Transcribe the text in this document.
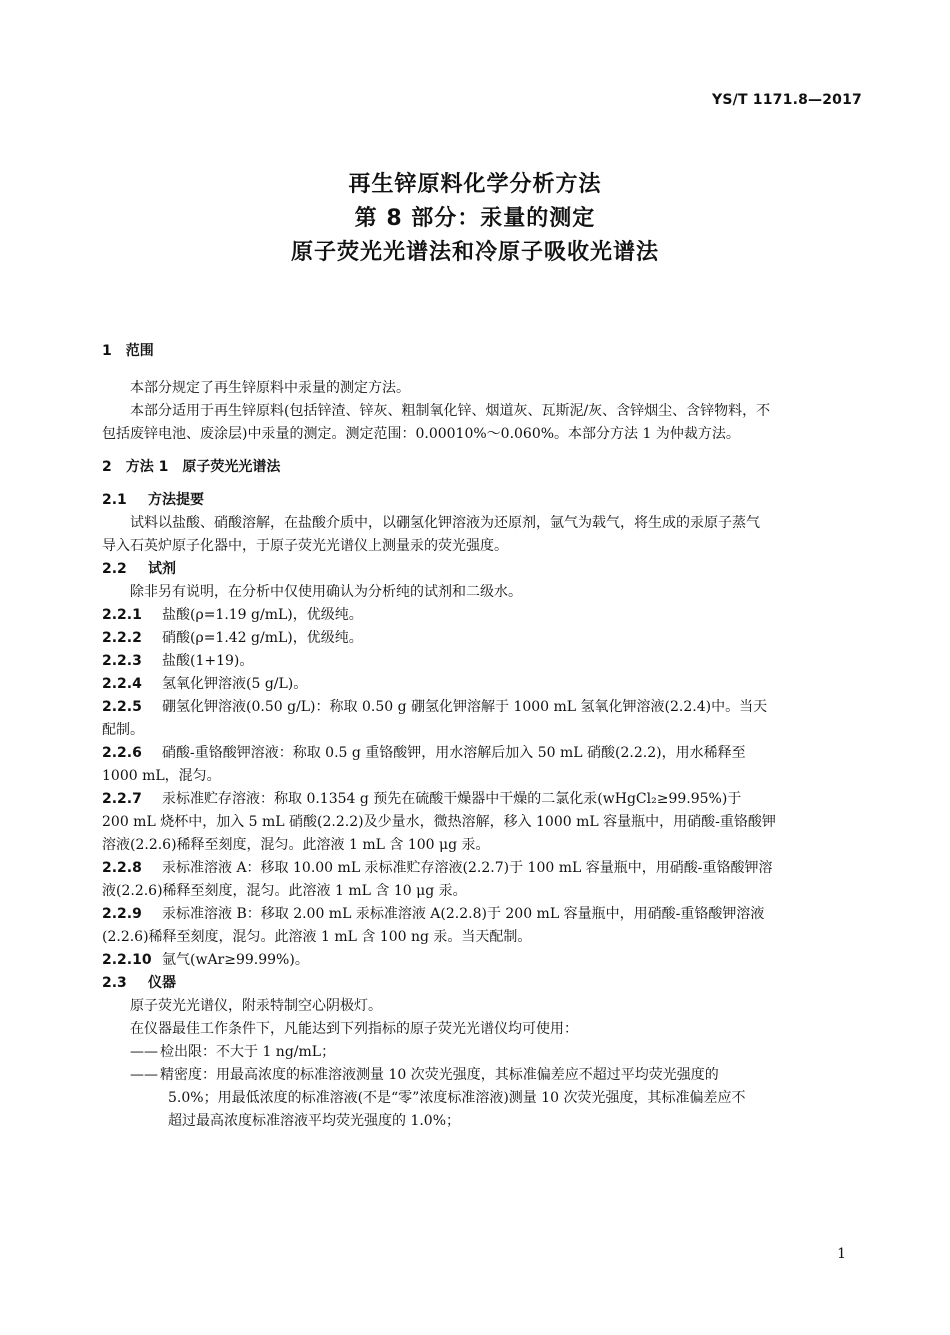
YS/T 1171.8—2017
再生锌原料化学分析方法
第 8 部分：汞量的测定
原子荧光光谱法和冷原子吸收光谱法

1　范围

本部分规定了再生锌原料中汞量的测定方法。

本部分适用于再生锌原料(包括锌渣、锌灰、粗制氧化锌、烟道灰、瓦斯泥/灰、含锌烟尘、含锌物料，不

包括废锌电池、废涂层)中汞量的测定。测定范围：0.00010%～0.060%。本部分方法 1 为仲裁方法。

2　方法 1　原子荧光光谱法

2.1 方法提要

试料以盐酸、硝酸溶解，在盐酸介质中，以硼氢化钾溶液为还原剂，氩气为载气，将生成的汞原子蒸气

导入石英炉原子化器中，于原子荧光光谱仪上测量汞的荧光强度。

2.2 试剂

除非另有说明，在分析中仅使用确认为分析纯的试剂和二级水。

2.2.1 盐酸(ρ=1.19 g/mL)，优级纯。

2.2.2 硝酸(ρ=1.42 g/mL)，优级纯。

2.2.3 盐酸(1+19)。

2.2.4 氢氧化钾溶液(5 g/L)。

2.2.5 硼氢化钾溶液(0.50 g/L)：称取 0.50 g 硼氢化钾溶解于 1000 mL 氢氧化钾溶液(2.2.4)中。当天

配制。

2.2.6 硝酸-重铬酸钾溶液：称取 0.5 g 重铬酸钾，用水溶解后加入 50 mL 硝酸(2.2.2)，用水稀释至

1000 mL，混匀。

2.2.7 汞标准贮存溶液：称取 0.1354 g 预先在硫酸干燥器中干燥的二氯化汞(wHgCl₂≥99.95%)于

200 mL 烧杯中，加入 5 mL 硝酸(2.2.2)及少量水，微热溶解，移入 1000 mL 容量瓶中，用硝酸-重铬酸钾

溶液(2.2.6)稀释至刻度，混匀。此溶液 1 mL 含 100 μg 汞。

2.2.8 汞标准溶液 A：移取 10.00 mL 汞标准贮存溶液(2.2.7)于 100 mL 容量瓶中，用硝酸-重铬酸钾溶

液(2.2.6)稀释至刻度，混匀。此溶液 1 mL 含 10 μg 汞。

2.2.9 汞标准溶液 B：移取 2.00 mL 汞标准溶液 A(2.2.8)于 200 mL 容量瓶中，用硝酸-重铬酸钾溶液

(2.2.6)稀释至刻度，混匀。此溶液 1 mL 含 100 ng 汞。当天配制。

2.2.10 氩气(wAr≥99.99%)。

2.3 仪器

原子荧光光谱仪，附汞特制空心阴极灯。

在仪器最佳工作条件下，凡能达到下列指标的原子荧光光谱仪均可使用：

—— 检出限：不大于 1 ng/mL；

—— 精密度：用最高浓度的标准溶液测量 10 次荧光强度，其标准偏差应不超过平均荧光强度的

5.0%；用最低浓度的标准溶液(不是“零”浓度标准溶液)测量 10 次荧光强度，其标准偏差应不

超过最高浓度标准溶液平均荧光强度的 1.0%；

1
